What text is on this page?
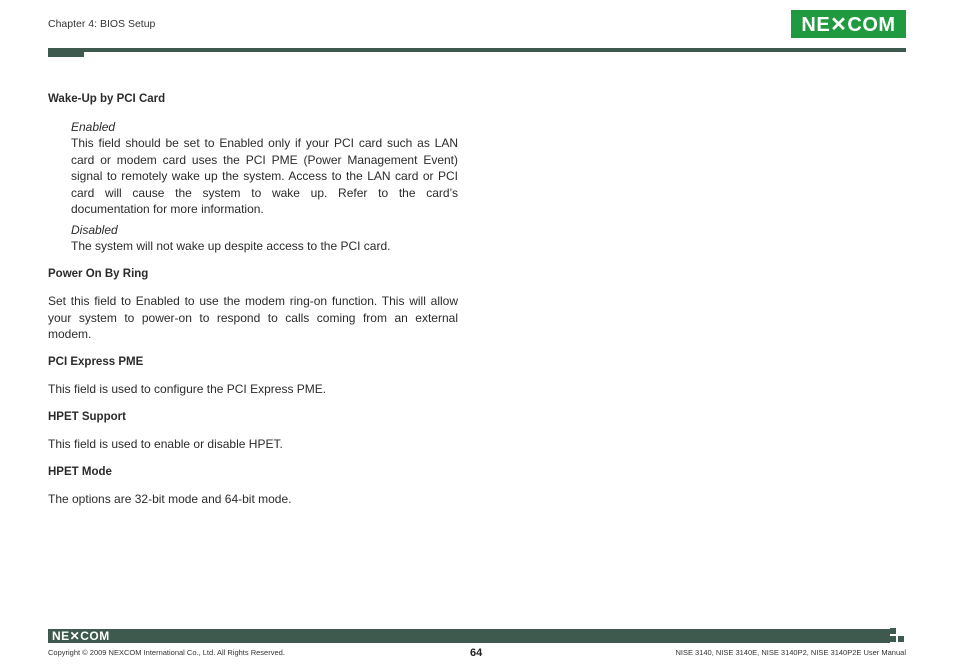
Chapter 4: BIOS Setup	NE✕COM

Wake-Up by PCI Card

Enabled

This field should be set to Enabled only if your PCI card such as LAN card or modem card uses the PCI PME (Power Management Event) signal to remotely wake up the system. Access to the LAN card or PCI card will cause the system to wake up. Refer to the card’s documentation for more information.

Disabled

The system will not wake up despite access to the PCI card.

Power On By Ring

Set this field to Enabled to use the modem ring-on function. This will allow your system to power-on to respond to calls coming from an external modem.

PCI Express PME

This field is used to configure the PCI Express PME.

HPET Support

This field is used to enable or disable HPET.

HPET Mode

The options are 32-bit mode and 64-bit mode.

NE✕COM
Copyright © 2009 NEXCOM International Co., Ltd. All Rights Reserved.	64	NISE 3140, NISE 3140E, NISE 3140P2, NISE 3140P2E User Manual
